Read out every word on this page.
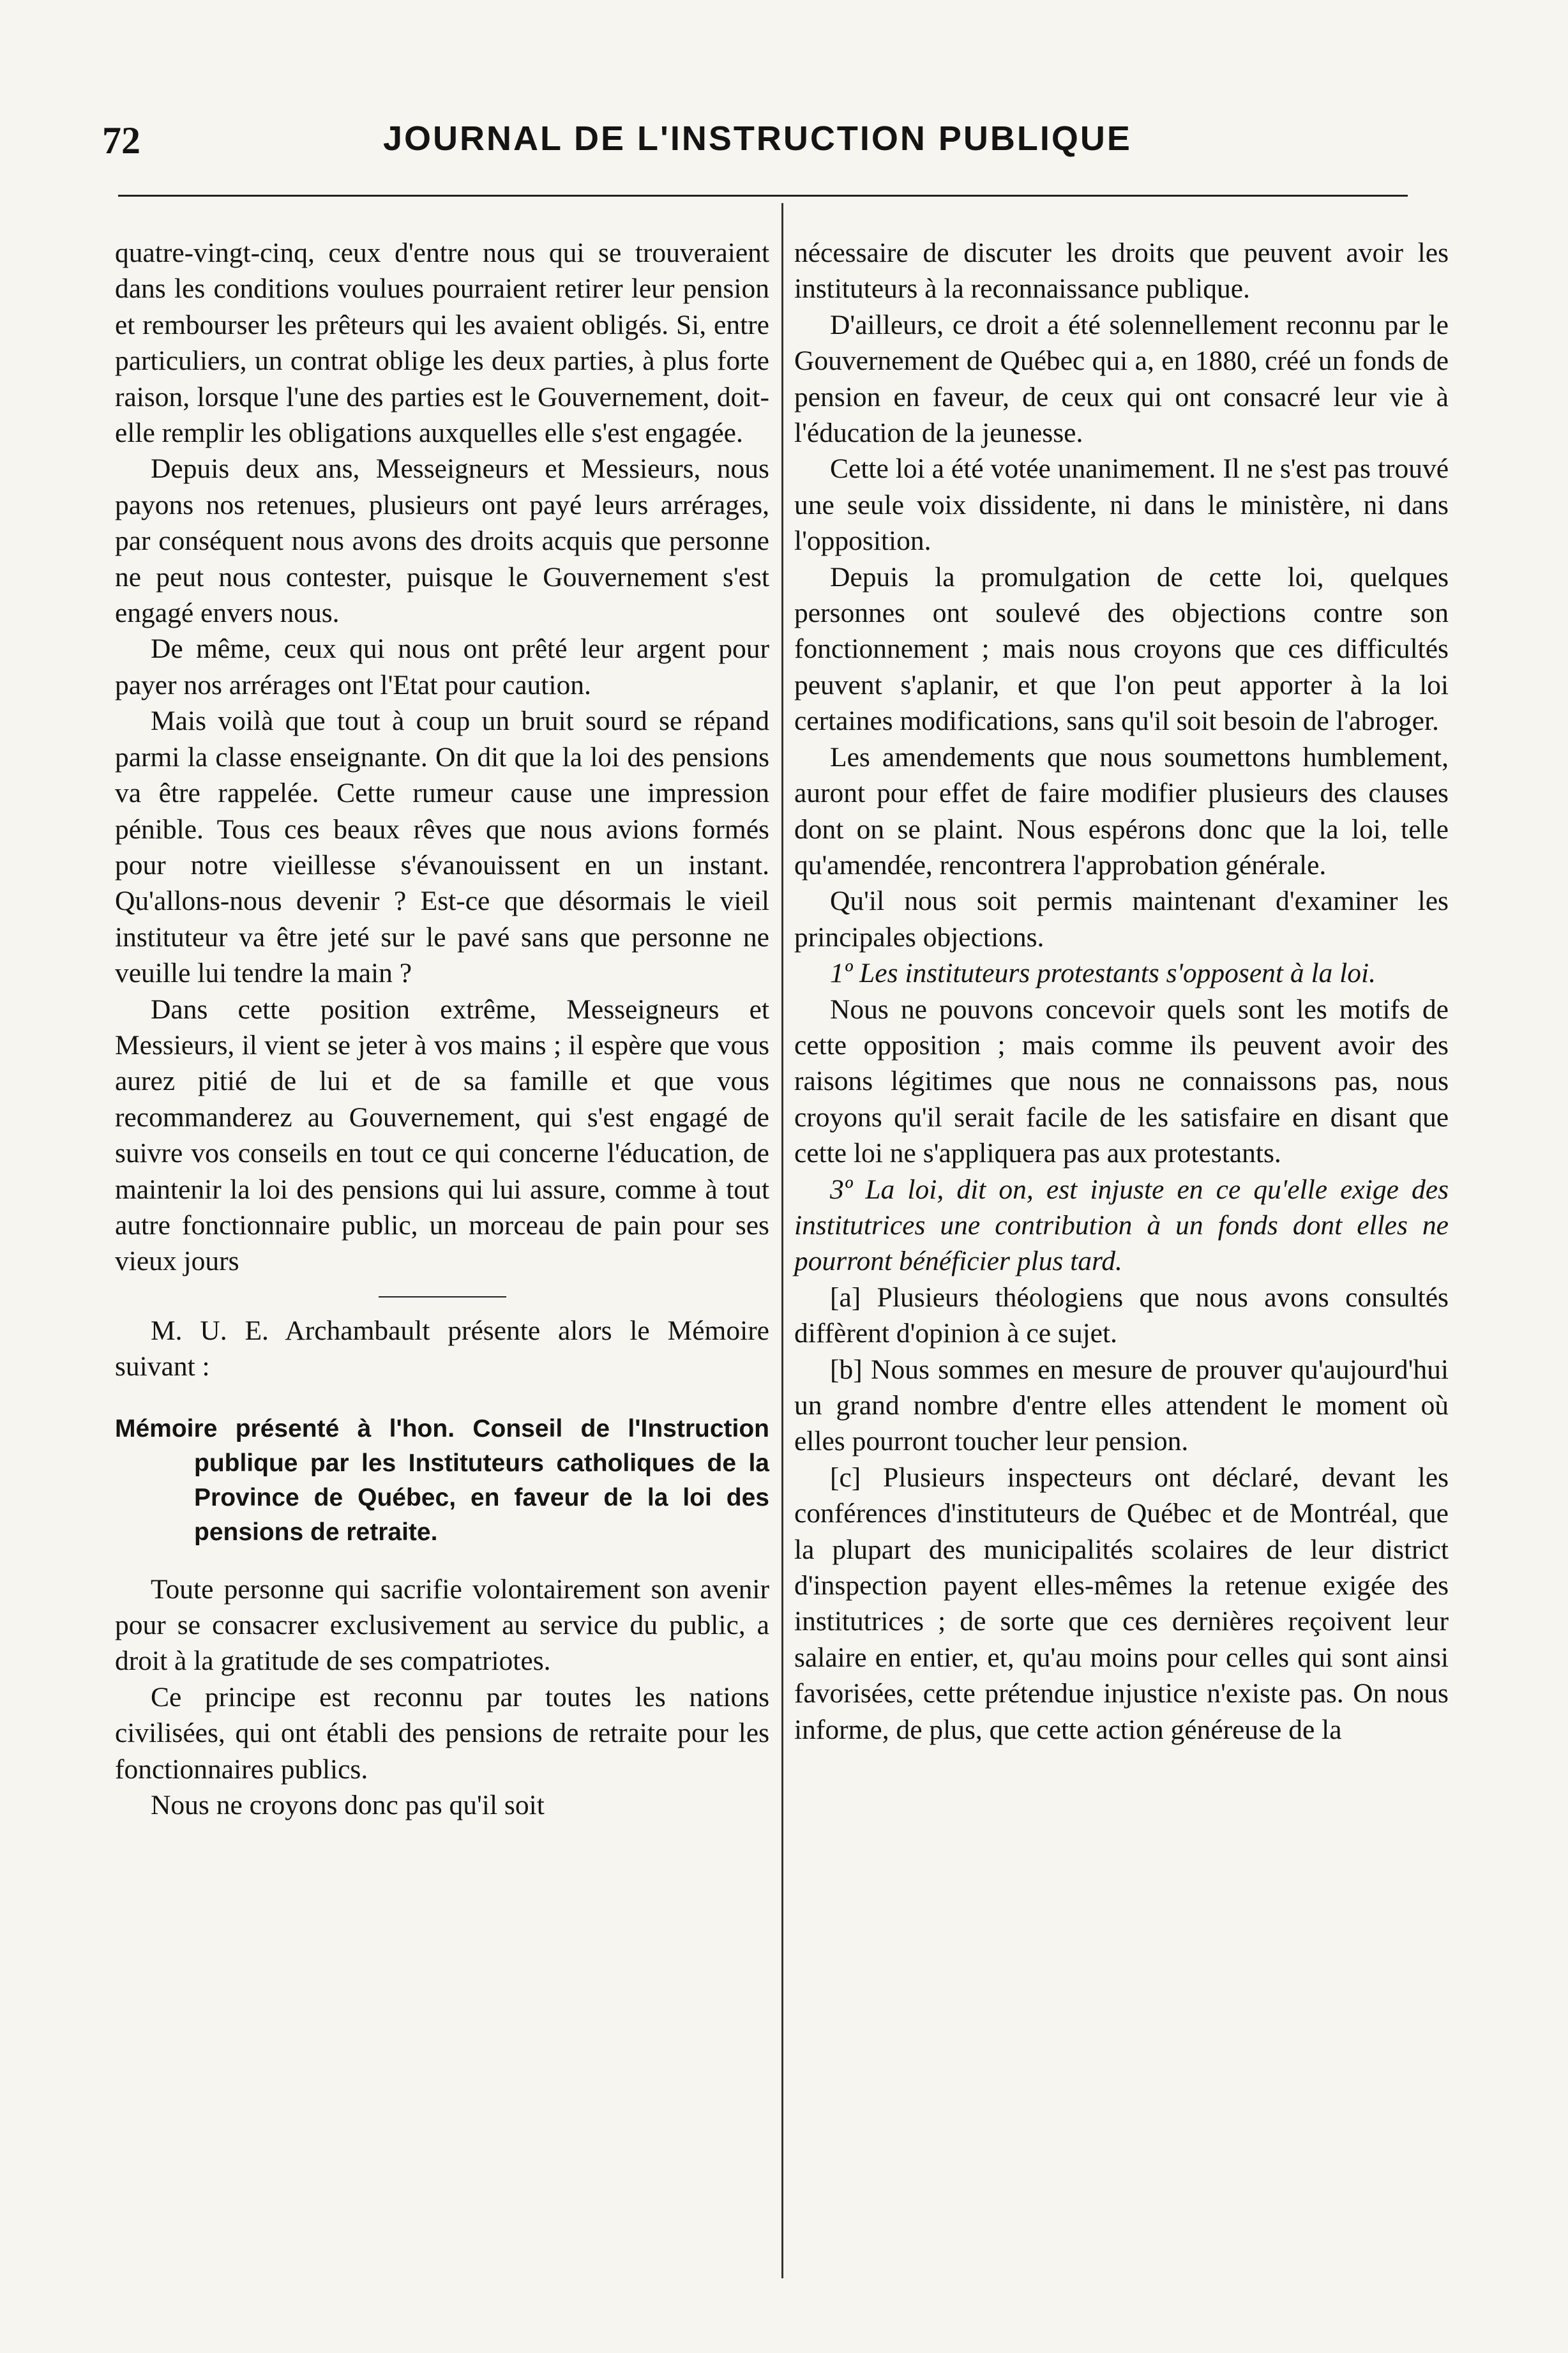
72	JOURNAL DE L'INSTRUCTION PUBLIQUE

quatre-vingt-cinq, ceux d'entre nous qui se trouveraient dans les conditions voulues pourraient retirer leur pension et rembourser les prêteurs qui les avaient obligés. Si, entre particuliers, un contrat oblige les deux parties, à plus forte raison, lorsque l'une des parties est le Gouvernement, doit-elle remplir les obligations auxquelles elle s'est engagée.

Depuis deux ans, Messeigneurs et Messieurs, nous payons nos retenues, plusieurs ont payé leurs arrérages, par conséquent nous avons des droits acquis que personne ne peut nous contester, puisque le Gouvernement s'est engagé envers nous.

De même, ceux qui nous ont prêté leur argent pour payer nos arrérages ont l'Etat pour caution.

Mais voilà que tout à coup un bruit sourd se répand parmi la classe enseignante. On dit que la loi des pensions va être rappelée. Cette rumeur cause une impression pénible. Tous ces beaux rêves que nous avions formés pour notre vieillesse s'évanouissent en un instant. Qu'allons-nous devenir ? Est-ce que désormais le vieil instituteur va être jeté sur le pavé sans que personne ne veuille lui tendre la main ?

Dans cette position extrême, Messeigneurs et Messieurs, il vient se jeter à vos mains ; il espère que vous aurez pitié de lui et de sa famille et que vous recommanderez au Gouvernement, qui s'est engagé de suivre vos conseils en tout ce qui concerne l'éducation, de maintenir la loi des pensions qui lui assure, comme à tout autre fonctionnaire public, un morceau de pain pour ses vieux jours

M. U. E. Archambault présente alors le Mémoire suivant :

Mémoire présenté à l'hon. Conseil de l'Instruction publique par les Instituteurs catholiques de la Province de Québec, en faveur de la loi des pensions de retraite.

Toute personne qui sacrifie volontairement son avenir pour se consacrer exclusivement au service du public, a droit à la gratitude de ses compatriotes.

Ce principe est reconnu par toutes les nations civilisées, qui ont établi des pensions de retraite pour les fonctionnaires publics.

Nous ne croyons donc pas qu'il soit

nécessaire de discuter les droits que peuvent avoir les instituteurs à la reconnaissance publique.

D'ailleurs, ce droit a été solennellement reconnu par le Gouvernement de Québec qui a, en 1880, créé un fonds de pension en faveur, de ceux qui ont consacré leur vie à l'éducation de la jeunesse.

Cette loi a été votée unanimement. Il ne s'est pas trouvé une seule voix dissidente, ni dans le ministère, ni dans l'opposition.

Depuis la promulgation de cette loi, quelques personnes ont soulevé des objections contre son fonctionnement ; mais nous croyons que ces difficultés peuvent s'aplanir, et que l'on peut apporter à la loi certaines modifications, sans qu'il soit besoin de l'abroger.

Les amendements que nous soumettons humblement, auront pour effet de faire modifier plusieurs des clauses dont on se plaint. Nous espérons donc que la loi, telle qu'amendée, rencontrera l'approbation générale.

Qu'il nous soit permis maintenant d'examiner les principales objections.

1º Les instituteurs protestants s'opposent à la loi.

Nous ne pouvons concevoir quels sont les motifs de cette opposition ; mais comme ils peuvent avoir des raisons légitimes que nous ne connaissons pas, nous croyons qu'il serait facile de les satisfaire en disant que cette loi ne s'appliquera pas aux protestants.

3º La loi, dit on, est injuste en ce qu'elle exige des institutrices une contribution à un fonds dont elles ne pourront bénéficier plus tard.

[a] Plusieurs théologiens que nous avons consultés diffèrent d'opinion à ce sujet.

[b] Nous sommes en mesure de prouver qu'aujourd'hui un grand nombre d'entre elles attendent le moment où elles pourront toucher leur pension.

[c] Plusieurs inspecteurs ont déclaré, devant les conférences d'instituteurs de Québec et de Montréal, que la plupart des municipalités scolaires de leur district d'inspection payent elles-mêmes la retenue exigée des institutrices ; de sorte que ces dernières reçoivent leur salaire en entier, et, qu'au moins pour celles qui sont ainsi favorisées, cette prétendue injustice n'existe pas. On nous informe, de plus, que cette action généreuse de la
